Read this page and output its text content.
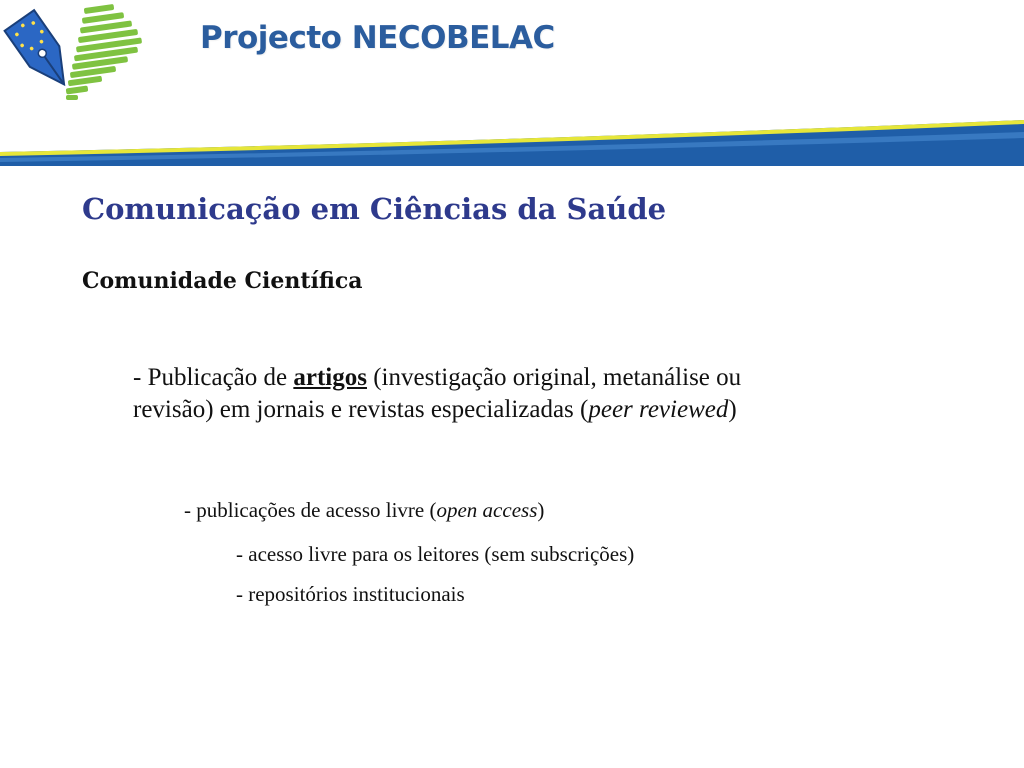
Projecto NECOBELAC
Comunicação em Ciências da Saúde
Comunidade Científica

- Publicação de artigos (investigação original, metanálise ou
revisão) em jornais e revistas especializadas (peer reviewed)

- publicações de acesso livre (open access)

- acesso livre para os leitores (sem subscrições)

- repositórios institucionais
